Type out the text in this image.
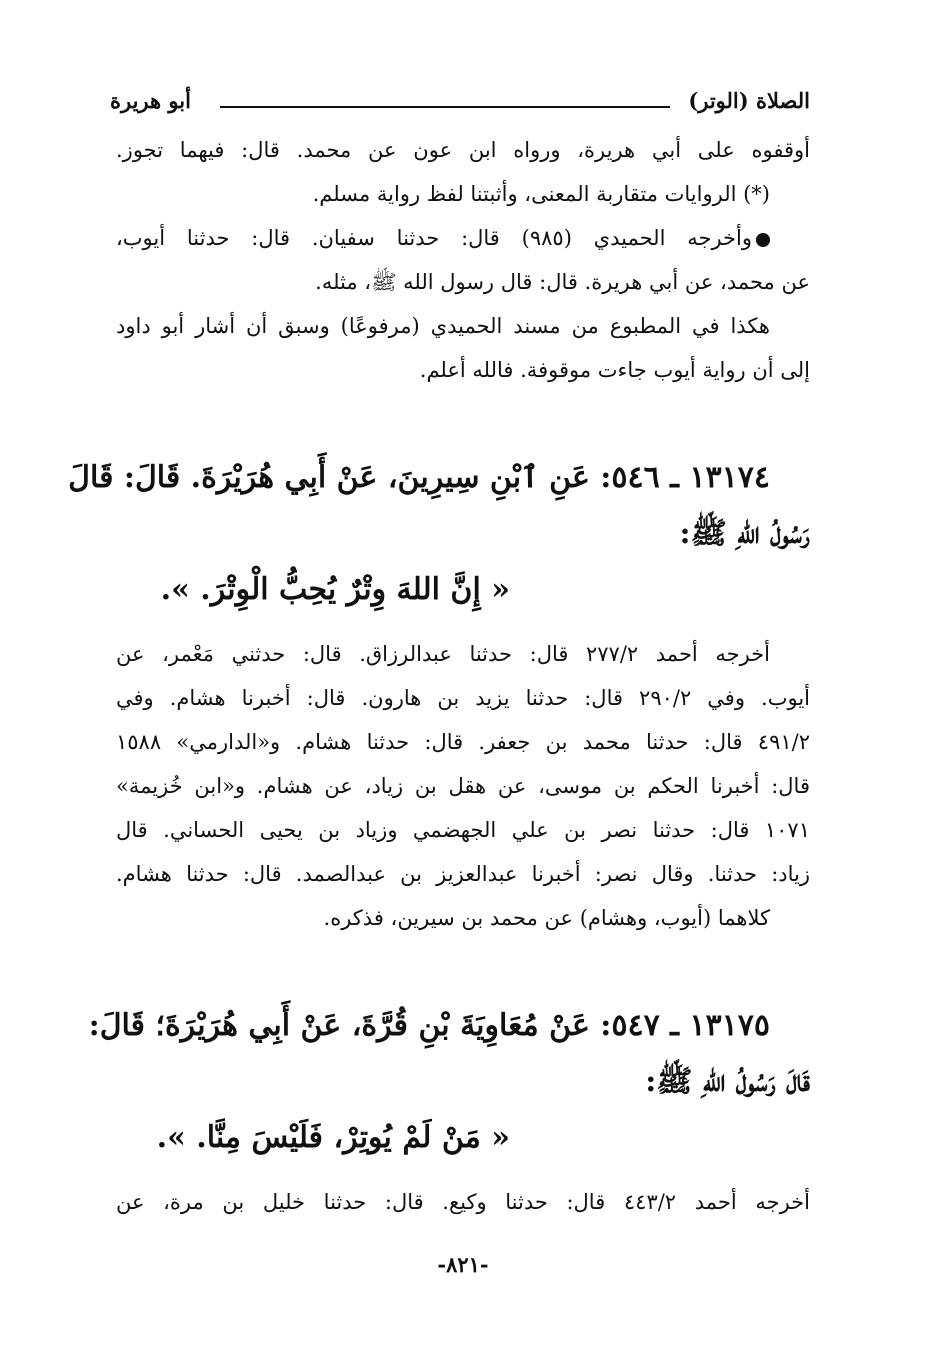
الصلاة (الوتر)
أبو هريرة
أوقفوه على أبي هريرة، ورواه ابن عون عن محمد. قال: فيهما تجوز.
(*) الروايات متقاربة المعنى، وأثبتنا لفظ رواية مسلم.
وأخرجه الحميدي (٩٨٥) قال: حدثنا سفيان. قال: حدثنا أيوب،
عن محمد، عن أبي هريرة. قال: قال رسول الله ﷺ، مثله.
هكذا في المطبوع من مسند الحميدي (مرفوعًا) وسبق أن أشار أبو داود
إلى أن رواية أيوب جاءت موقوفة. فالله أعلم.
١٣١٧٤ ـ ٥٤٦: عَنِ ٱبْنِ سِيرِينَ، عَنْ أَبِي هُرَيْرَةَ. قَالَ: قَالَ
رَسُولُ اللهِ ﷺ:
« إِنَّ اللهَ وِتْرٌ يُحِبُّ الْوِتْرَ. ».
أخرجه أحمد ٢٧٧/٢ قال: حدثنا عبدالرزاق. قال: حدثني مَعْمر، عن
أيوب. وفي ٢٩٠/٢ قال: حدثنا يزيد بن هارون. قال: أخبرنا هشام. وفي
٤٩١/٢ قال: حدثنا محمد بن جعفر. قال: حدثنا هشام. و«الدارمي» ١٥٨٨
قال: أخبرنا الحكم بن موسى، عن هقل بن زياد، عن هشام. و«ابن خُزيمة»
١٠٧١ قال: حدثنا نصر بن علي الجهضمي وزياد بن يحيى الحساني. قال
زياد: حدثنا. وقال نصر: أخبرنا عبدالعزيز بن عبدالصمد. قال: حدثنا هشام.
كلاهما (أيوب، وهشام) عن محمد بن سيرين، فذكره.
١٣١٧٥ ـ ٥٤٧: عَنْ مُعَاوِيَةَ بْنِ قُرَّةَ، عَنْ أَبِي هُرَيْرَةَ؛ قَالَ:
قَالَ رَسُولُ اللهِ ﷺ:
« مَنْ لَمْ يُوتِرْ، فَلَيْسَ مِنَّا. ».
أخرجه أحمد ٤٤٣/٢ قال: حدثنا وكيع. قال: حدثنا خليل بن مرة، عن
-٨٢١-
